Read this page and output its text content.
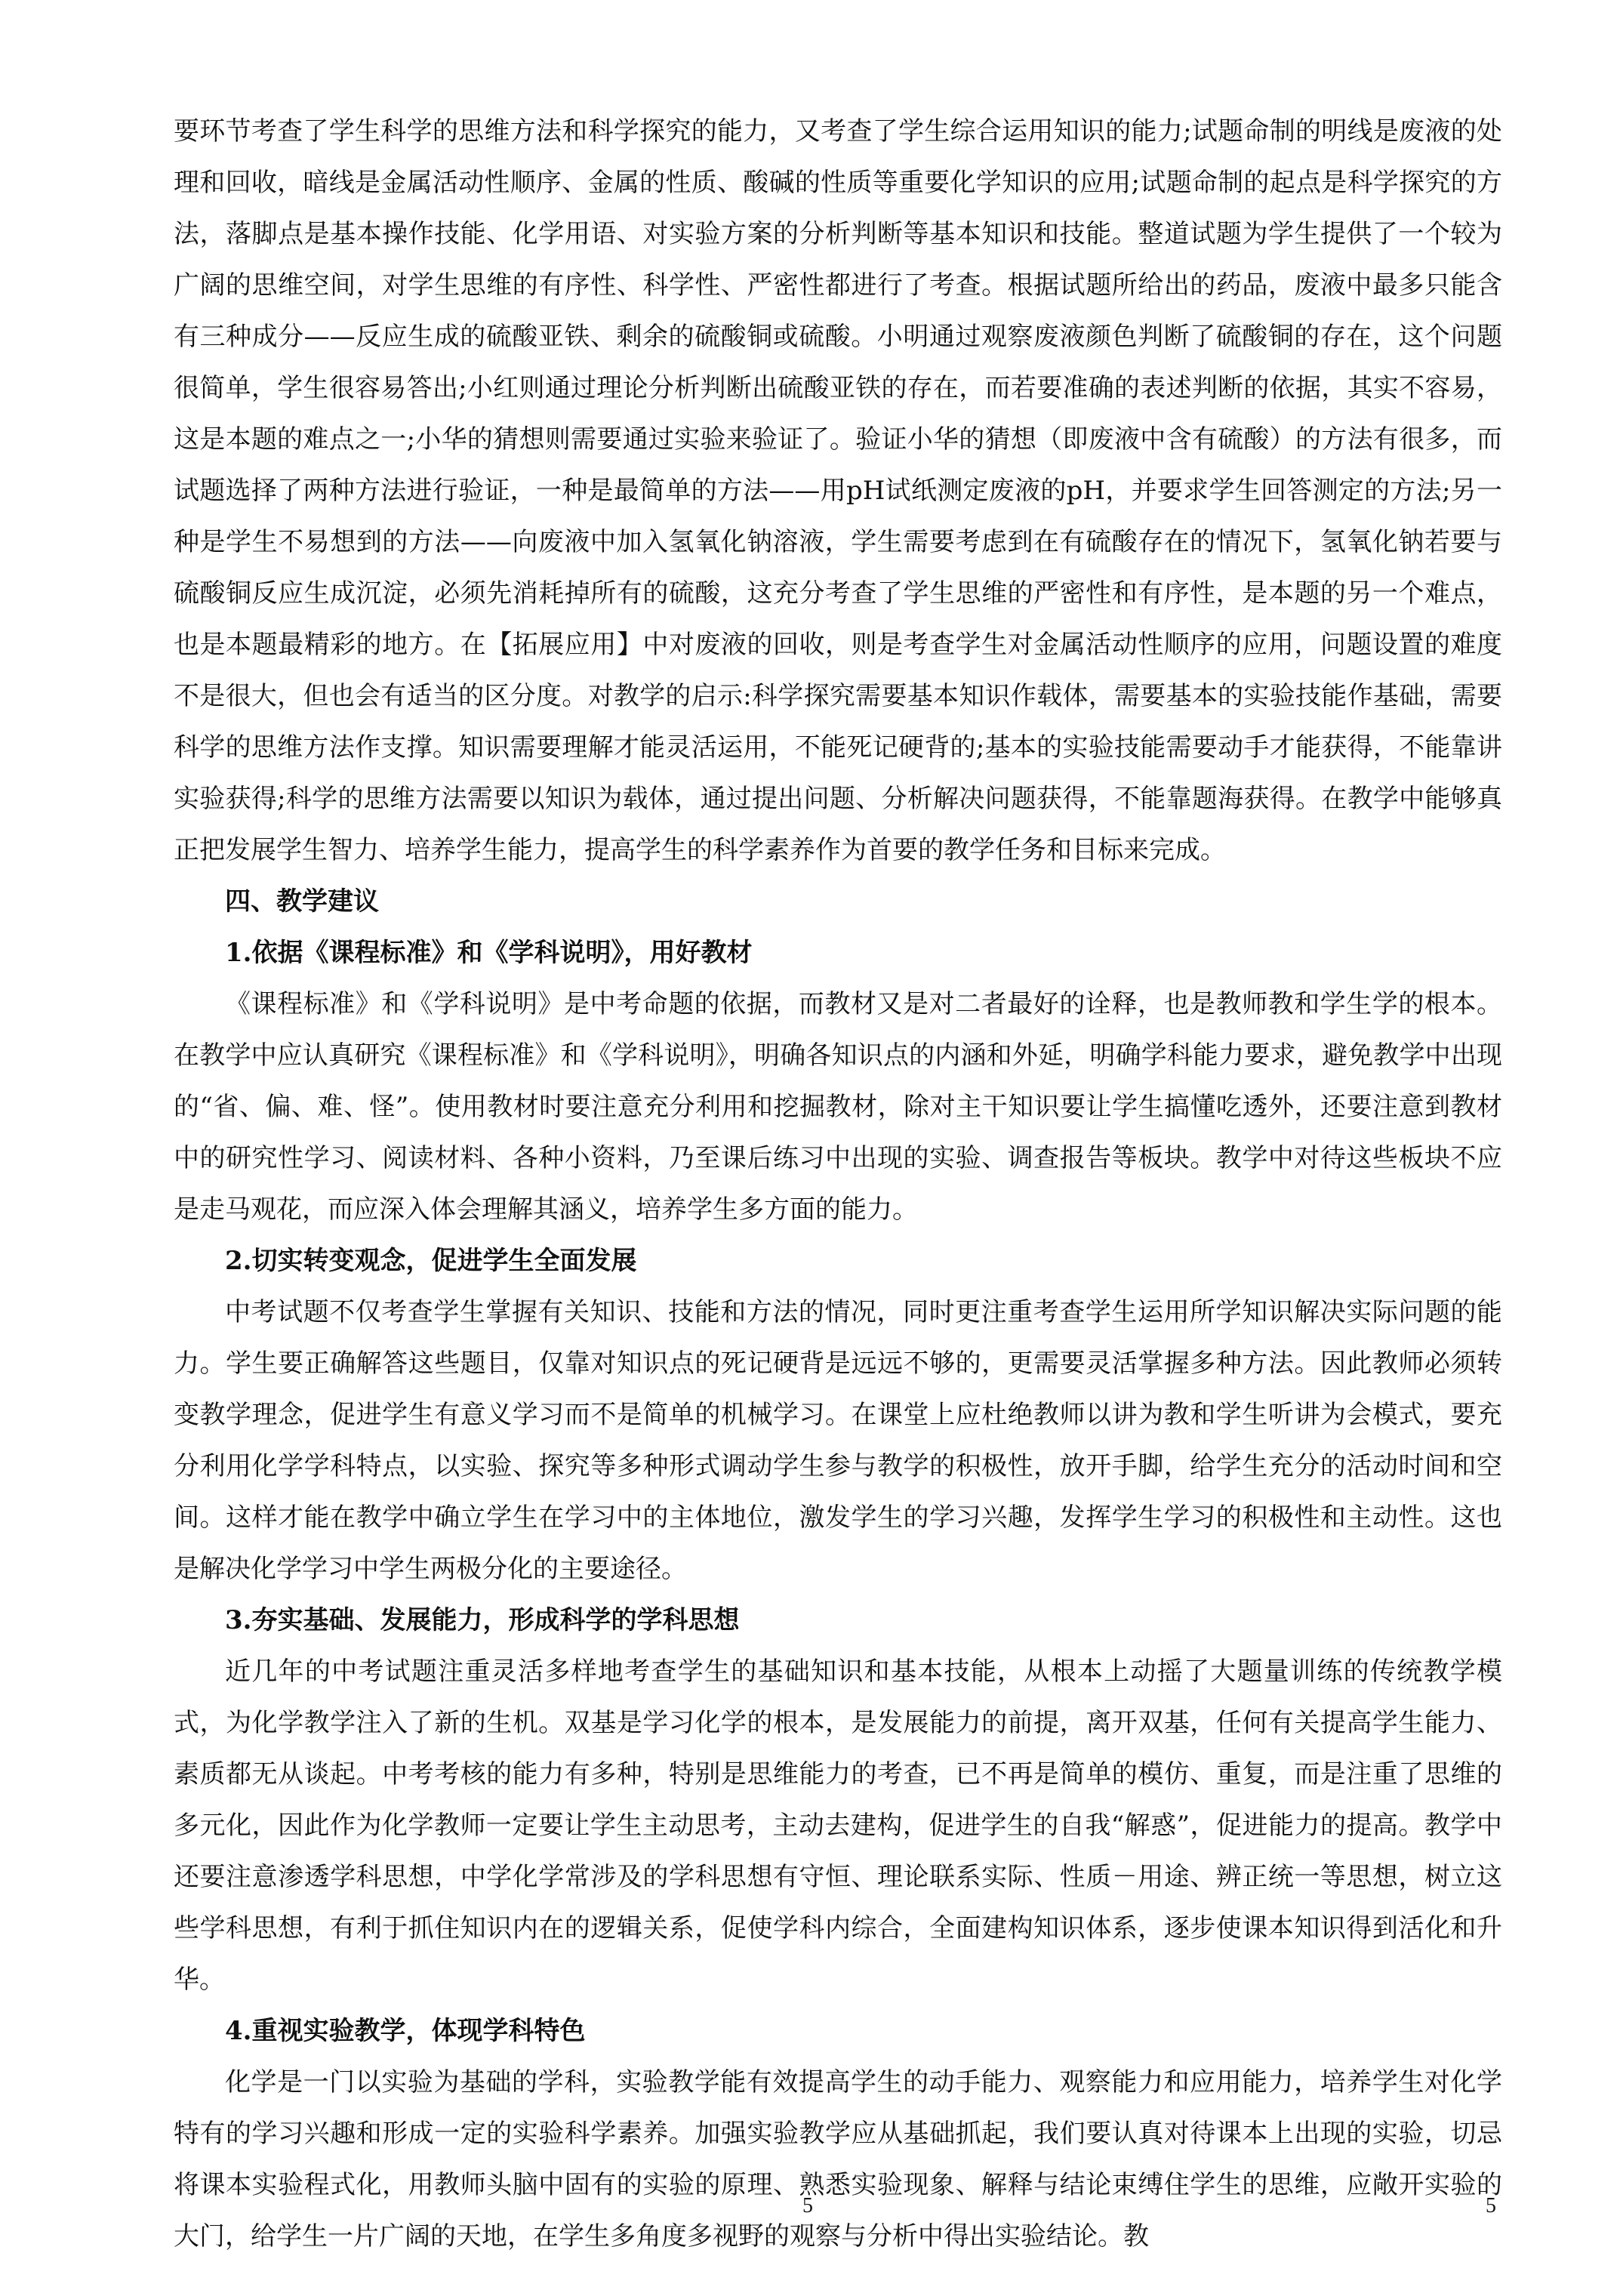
要环节考查了学生科学的思维方法和科学探究的能力，又考查了学生综合运用知识的能力;试题命制的明线是废液的处理和回收，暗线是金属活动性顺序、金属的性质、酸碱的性质等重要化学知识的应用;试题命制的起点是科学探究的方法，落脚点是基本操作技能、化学用语、对实验方案的分析判断等基本知识和技能。整道试题为学生提供了一个较为广阔的思维空间，对学生思维的有序性、科学性、严密性都进行了考查。根据试题所给出的药品，废液中最多只能含有三种成分——反应生成的硫酸亚铁、剩余的硫酸铜或硫酸。小明通过观察废液颜色判断了硫酸铜的存在，这个问题很简单，学生很容易答出;小红则通过理论分析判断出硫酸亚铁的存在，而若要准确的表述判断的依据，其实不容易，这是本题的难点之一;小华的猜想则需要通过实验来验证了。验证小华的猜想（即废液中含有硫酸）的方法有很多，而试题选择了两种方法进行验证，一种是最简单的方法——用pH试纸测定废液的pH，并要求学生回答测定的方法;另一种是学生不易想到的方法——向废液中加入氢氧化钠溶液，学生需要考虑到在有硫酸存在的情况下，氢氧化钠若要与硫酸铜反应生成沉淀，必须先消耗掉所有的硫酸，这充分考查了学生思维的严密性和有序性，是本题的另一个难点，也是本题最精彩的地方。在【拓展应用】中对废液的回收，则是考查学生对金属活动性顺序的应用，问题设置的难度不是很大，但也会有适当的区分度。对教学的启示:科学探究需要基本知识作载体，需要基本的实验技能作基础，需要科学的思维方法作支撑。知识需要理解才能灵活运用，不能死记硬背的;基本的实验技能需要动手才能获得，不能靠讲实验获得;科学的思维方法需要以知识为载体，通过提出问题、分析解决问题获得，不能靠题海获得。在教学中能够真正把发展学生智力、培养学生能力，提高学生的科学素养作为首要的教学任务和目标来完成。

四、教学建议

1.依据《课程标准》和《学科说明》，用好教材

《课程标准》和《学科说明》是中考命题的依据，而教材又是对二者最好的诠释，也是教师教和学生学的根本。在教学中应认真研究《课程标准》和《学科说明》，明确各知识点的内涵和外延，明确学科能力要求，避免教学中出现的“省、偏、难、怪”。使用教材时要注意充分利用和挖掘教材，除对主干知识要让学生搞懂吃透外，还要注意到教材中的研究性学习、阅读材料、各种小资料，乃至课后练习中出现的实验、调查报告等板块。教学中对待这些板块不应是走马观花，而应深入体会理解其涵义，培养学生多方面的能力。

2.切实转变观念，促进学生全面发展

中考试题不仅考查学生掌握有关知识、技能和方法的情况，同时更注重考查学生运用所学知识解决实际问题的能力。学生要正确解答这些题目，仅靠对知识点的死记硬背是远远不够的，更需要灵活掌握多种方法。因此教师必须转变教学理念，促进学生有意义学习而不是简单的机械学习。在课堂上应杜绝教师以讲为教和学生听讲为会模式，要充分利用化学学科特点，以实验、探究等多种形式调动学生参与教学的积极性，放开手脚，给学生充分的活动时间和空间。这样才能在教学中确立学生在学习中的主体地位，激发学生的学习兴趣，发挥学生学习的积极性和主动性。这也是解决化学学习中学生两极分化的主要途径。

3.夯实基础、发展能力，形成科学的学科思想

近几年的中考试题注重灵活多样地考查学生的基础知识和基本技能，从根本上动摇了大题量训练的传统教学模式，为化学教学注入了新的生机。双基是学习化学的根本，是发展能力的前提，离开双基，任何有关提高学生能力、素质都无从谈起。中考考核的能力有多种，特别是思维能力的考查，已不再是简单的模仿、重复，而是注重了思维的多元化，因此作为化学教师一定要让学生主动思考，主动去建构，促进学生的自我“解惑”，促进能力的提高。教学中还要注意渗透学科思想，中学化学常涉及的学科思想有守恒、理论联系实际、性质－用途、辨正统一等思想，树立这些学科思想，有利于抓住知识内在的逻辑关系，促使学科内综合，全面建构知识体系，逐步使课本知识得到活化和升华。

4.重视实验教学，体现学科特色

化学是一门以实验为基础的学科，实验教学能有效提高学生的动手能力、观察能力和应用能力，培养学生对化学特有的学习兴趣和形成一定的实验科学素养。加强实验教学应从基础抓起，我们要认真对待课本上出现的实验，切忌将课本实验程式化，用教师头脑中固有的实验的原理、熟悉实验现象、解释与结论束缚住学生的思维，应敞开实验的大门，给学生一片广阔的天地，在学生多角度多视野的观察与分析中得出实验结论。教

5	5
